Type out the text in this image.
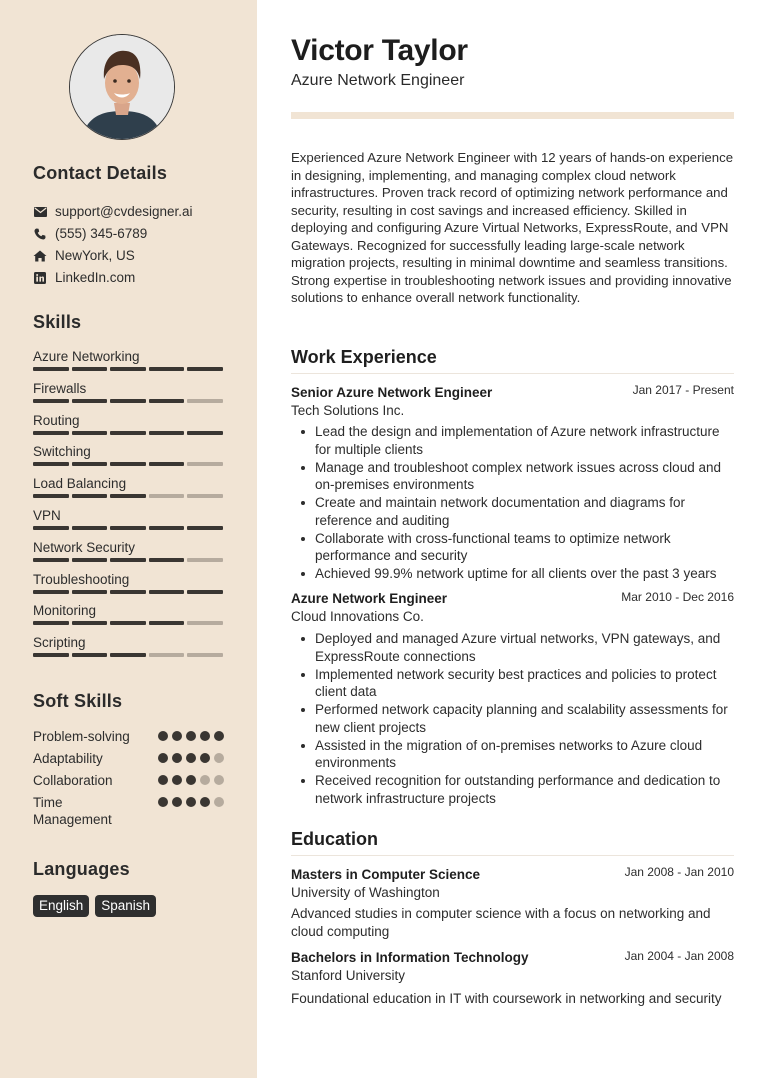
Contact Details
support@cvdesigner.ai
(555) 345-6789
NewYork, US
LinkedIn.com
Skills
Azure Networking
Firewalls
Routing
Switching
Load Balancing
VPN
Network Security
Troubleshooting
Monitoring
Scripting
Soft Skills
Problem-solving
Adaptability
Collaboration
Time Management
Languages
English	Spanish
Victor Taylor
Azure Network Engineer

Experienced Azure Network Engineer with 12 years of hands-on experience in designing, implementing, and managing complex cloud network infrastructures. Proven track record of optimizing network performance and security, resulting in cost savings and increased efficiency. Skilled in deploying and configuring Azure Virtual Networks, ExpressRoute, and VPN Gateways. Recognized for successfully leading large-scale network migration projects, resulting in minimal downtime and seamless transitions. Strong expertise in troubleshooting network issues and providing innovative solutions to enhance overall network functionality.

Work Experience
Senior Azure Network Engineer	Jan 2017 - Present
Tech Solutions Inc.
Lead the design and implementation of Azure network infrastructure for multiple clients
Manage and troubleshoot complex network issues across cloud and on-premises environments
Create and maintain network documentation and diagrams for reference and auditing
Collaborate with cross-functional teams to optimize network performance and security
Achieved 99.9% network uptime for all clients over the past 3 years
Azure Network Engineer	Mar 2010 - Dec 2016
Cloud Innovations Co.
Deployed and managed Azure virtual networks, VPN gateways, and ExpressRoute connections
Implemented network security best practices and policies to protect client data
Performed network capacity planning and scalability assessments for new client projects
Assisted in the migration of on-premises networks to Azure cloud environments
Received recognition for outstanding performance and dedication to network infrastructure projects
Education
Masters in Computer Science	Jan 2008 - Jan 2010
University of Washington

Advanced studies in computer science with a focus on networking and cloud computing

Bachelors in Information Technology	Jan 2004 - Jan 2008
Stanford University

Foundational education in IT with coursework in networking and security
